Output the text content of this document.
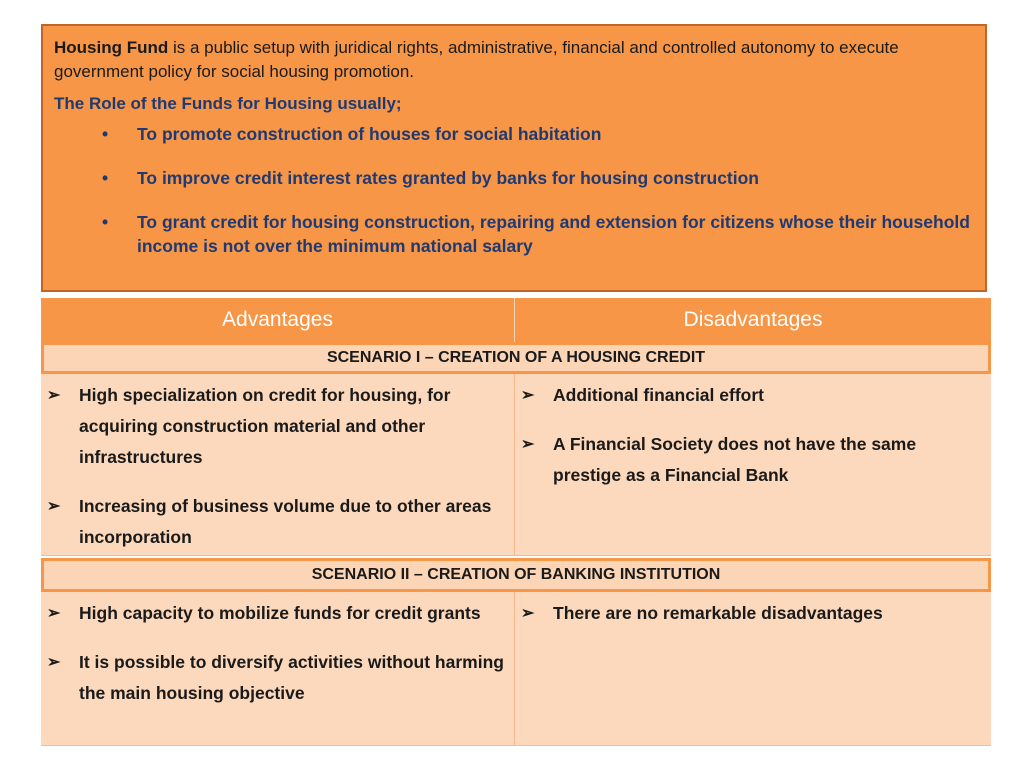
Housing Fund is a public setup with juridical rights, administrative, financial and controlled autonomy to execute government policy for social housing promotion.

The Role of the Funds for Housing usually;

• To promote construction of houses for social habitation
• To improve credit interest rates granted by banks for housing construction
• To grant credit for housing construction, repairing and extension for citizens whose their household income is not over the minimum national salary
Advantages	Disadvantages
SCENARIO I – CREATION OF A HOUSING CREDIT
➢ High specialization on credit for housing, for acquiring construction material and other infrastructures
➢ Increasing of business volume due to other areas incorporation
➢ Additional financial effort
➢ A Financial Society does not have the same prestige as a Financial Bank
SCENARIO II – CREATION OF BANKING INSTITUTION
➢ High capacity to mobilize funds for credit grants
➢ It is possible to diversify activities without harming the main housing objective
➢ There are no remarkable disadvantages
